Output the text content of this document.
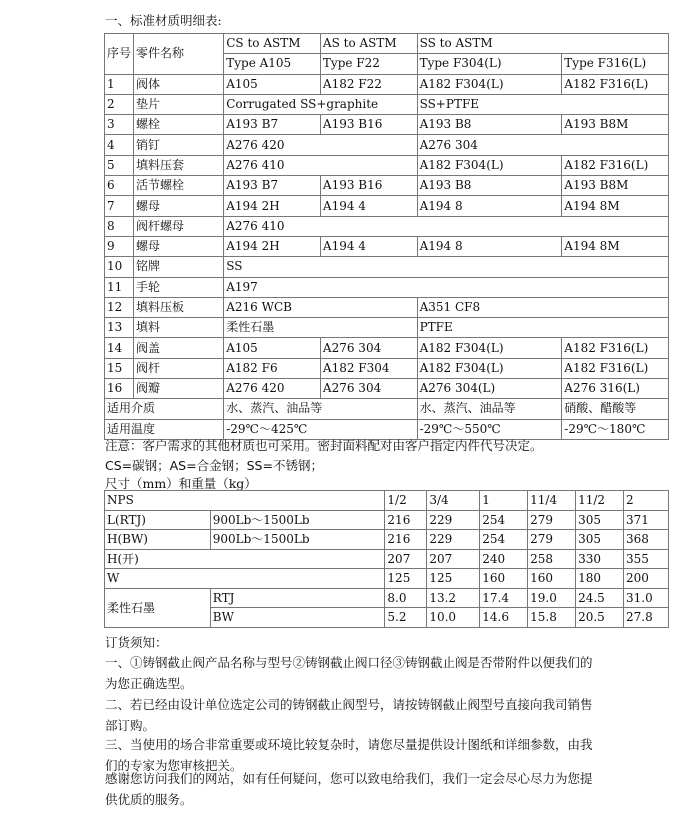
一、标准材质明细表:
序号	零件名称	CS to ASTM	AS to ASTM	SS to ASTM	
		Type A105	Type F22	Type F304(L)	Type F316(L)
1	阀体	A105	A182 F22	A182 F304(L)	A182 F316(L)
2	垫片	Corrugated SS+graphite		SS+PTFE	
3	螺栓	A193 B7	A193 B16	A193 B8	A193 B8M
4	销钉	A276 420		A276 304	
5	填料压套	A276 410		A182 F304(L)	A182 F316(L)
6	活节螺栓	A193 B7	A193 B16	A193 B8	A193 B8M
7	螺母	A194 2H	A194 4	A194 8	A194 8M
8	阀杆螺母	A276 410			
9	螺母	A194 2H	A194 4	A194 8	A194 8M
10	铭牌	SS			
11	手轮	A197			
12	填料压板	A216 WCB		A351 CF8	
13	填料	柔性石墨		PTFE	
14	阀盖	A105	A276 304	A182 F304(L)	A182 F316(L)
15	阀杆	A182 F6	A182 F304	A182 F304(L)	A182 F316(L)
16	阀瓣	A276 420	A276 304	A276 304(L)	A276 316(L)
适用介质		水、蒸汽、油品等		水、蒸汽、油品等	硝酸、醋酸等
适用温度		-29℃～425℃		-29℃～550℃	-29℃～180℃
注意：客户需求的其他材质也可采用。密封面料配对由客户指定内件代号决定。
CS=碳钢；AS=合金钢；SS=不锈钢；
尺寸（mm）和重量（kg）
NPS		1/2	3/4	1	11/4	11/2	2
L(RTJ)	900Lb～1500Lb	216	229	254	279	305	371
H(BW)	900Lb～1500Lb	216	229	254	279	305	368
H(开)		207	207	240	258	330	355
W		125	125	160	160	180	200
柔性石墨	RTJ	8.0	13.2	17.4	19.0	24.5	31.0
	BW	5.2	10.0	14.6	15.8	20.5	27.8
订货须知：
一、①铸钢截止阀产品名称与型号②铸钢截止阀口径③铸钢截止阀是否带附件以便我们的为您正确选型。
二、若已经由设计单位选定公司的铸钢截止阀型号，请按铸钢截止阀型号直接向我司销售部订购。
三、当使用的场合非常重要或环境比较复杂时，请您尽量提供设计图纸和详细参数，由我们的专家为您审核把关。
感谢您访问我们的网站，如有任何疑问，您可以致电给我们，我们一定会尽心尽力为您提供优质的服务。
